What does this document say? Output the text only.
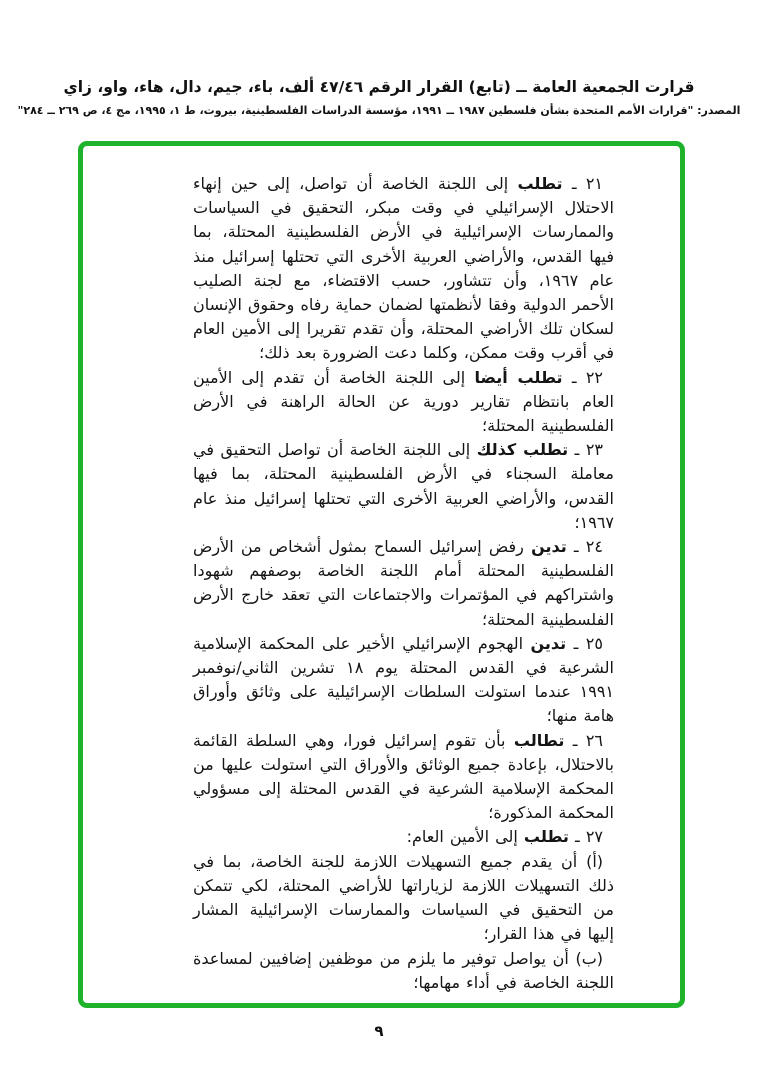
قرارت الجمعية العامة ــ (تابع) القرار الرقم ٤٧/٤٦ ألف، باء، جيم، دال، هاء، واو، زاي
المصدر: "قرارات الأمم المتحدة بشأن فلسطين ١٩٨٧ ــ ١٩٩١، مؤسسة الدراسات الفلسطينية، بيروت، ط ١، ١٩٩٥، مج ٤، ص ٢٦٩ ــ ٢٨٤"

٢١ ـ تطلب إلى اللجنة الخاصة أن تواصل، إلى حين إنهاء الاحتلال الإسرائيلي في وقت مبكر، التحقيق في السياسات والممارسات الإسرائيلية في الأرض الفلسطينية المحتلة، بما فيها القدس، والأراضي العربية الأخرى التي تحتلها إسرائيل منذ عام ١٩٦٧، وأن تتشاور، حسب الاقتضاء، مع لجنة الصليب الأحمر الدولية وفقا لأنظمتها لضمان حماية رفاه وحقوق الإنسان لسكان تلك الأراضي المحتلة، وأن تقدم تقريرا إلى الأمين العام في أقرب وقت ممكن، وكلما دعت الضرورة بعد ذلك؛

٢٢ ـ تطلب أيضا إلى اللجنة الخاصة أن تقدم إلى الأمين العام بانتظام تقارير دورية عن الحالة الراهنة في الأرض الفلسطينية المحتلة؛

٢٣ ـ تطلب كذلك إلى اللجنة الخاصة أن تواصل التحقيق في معاملة السجناء في الأرض الفلسطينية المحتلة، بما فيها القدس، والأراضي العربية الأخرى التي تحتلها إسرائيل منذ عام ١٩٦٧؛

٢٤ ـ تدين رفض إسرائيل السماح بمثول أشخاص من الأرض الفلسطينية المحتلة أمام اللجنة الخاصة بوصفهم شهودا واشتراكهم في المؤتمرات والاجتماعات التي تعقد خارج الأرض الفلسطينية المحتلة؛

٢٥ ـ تدين الهجوم الإسرائيلي الأخير على المحكمة الإسلامية الشرعية في القدس المحتلة يوم ١٨ تشرين الثاني/نوفمبر ١٩٩١ عندما استولت السلطات الإسرائيلية على وثائق وأوراق هامة منها؛

٢٦ ـ تطالب بأن تقوم إسرائيل فورا، وهي السلطة القائمة بالاحتلال، بإعادة جميع الوثائق والأوراق التي استولت عليها من المحكمة الإسلامية الشرعية في القدس المحتلة إلى مسؤولي المحكمة المذكورة؛

٢٧ ـ تطلب إلى الأمين العام:

(أ) أن يقدم جميع التسهيلات اللازمة للجنة الخاصة، بما في ذلك التسهيلات اللازمة لزياراتها للأراضي المحتلة، لكي تتمكن من التحقيق في السياسات والممارسات الإسرائيلية المشار إليها في هذا القرار؛

(ب) أن يواصل توفير ما يلزم من موظفين إضافيين لمساعدة اللجنة الخاصة في أداء مهامها؛

٩
